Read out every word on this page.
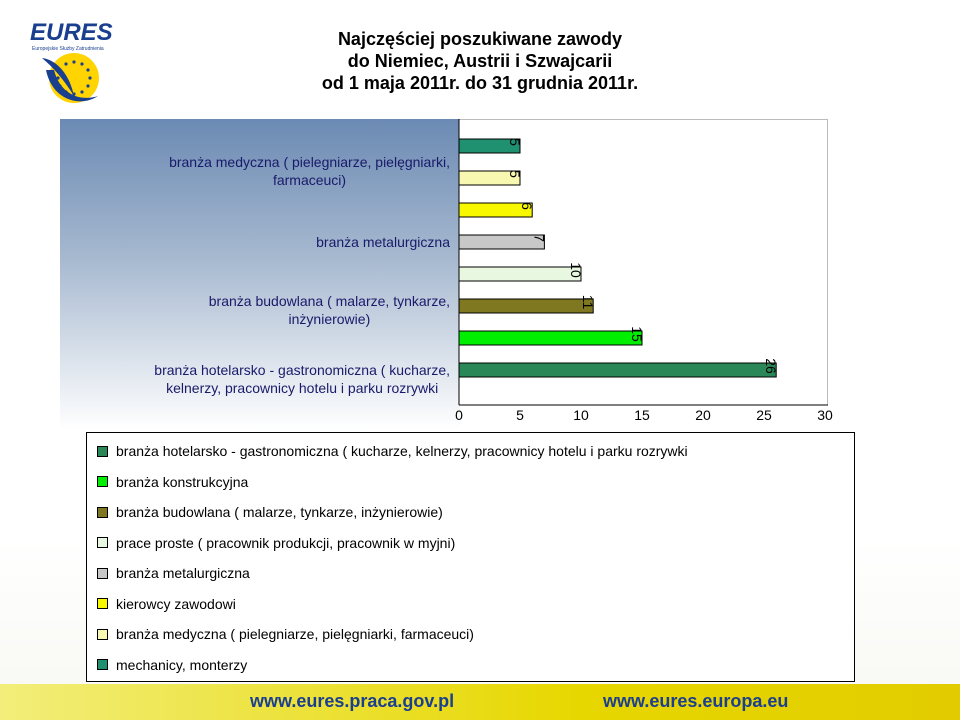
EURES
Europejskie Służby Zatrudnienia	Najczęściej poszukiwane zawody
do Niemiec, Austrii i Szwajcarii
od 1 maja 2011r. do 31 grudnia 2011r.
branża medyczna ( pielegniarze, pielęgniarki,
farmaceuci)
branża metalurgiczna
branża budowlana ( malarze, tynkarze,
inżynierowie)
branża hotelarsko - gastronomiczna ( kucharze,
kelnerzy, pracownicy hotelu i parku rozrywki
5
5
6
7
10
11
15
26
0	5	10	15	20	25	30
branża hotelarsko - gastronomiczna ( kucharze, kelnerzy, pracownicy hotelu i parku rozrywki
branża konstrukcyjna
branża budowlana ( malarze, tynkarze, inżynierowie)
prace proste ( pracownik produkcji, pracownik w myjni)
branża metalurgiczna
kierowcy zawodowi
branża medyczna ( pielegniarze, pielęgniarki, farmaceuci)
mechanicy, monterzy
www.eures.praca.gov.pl	www.eures.europa.eu
